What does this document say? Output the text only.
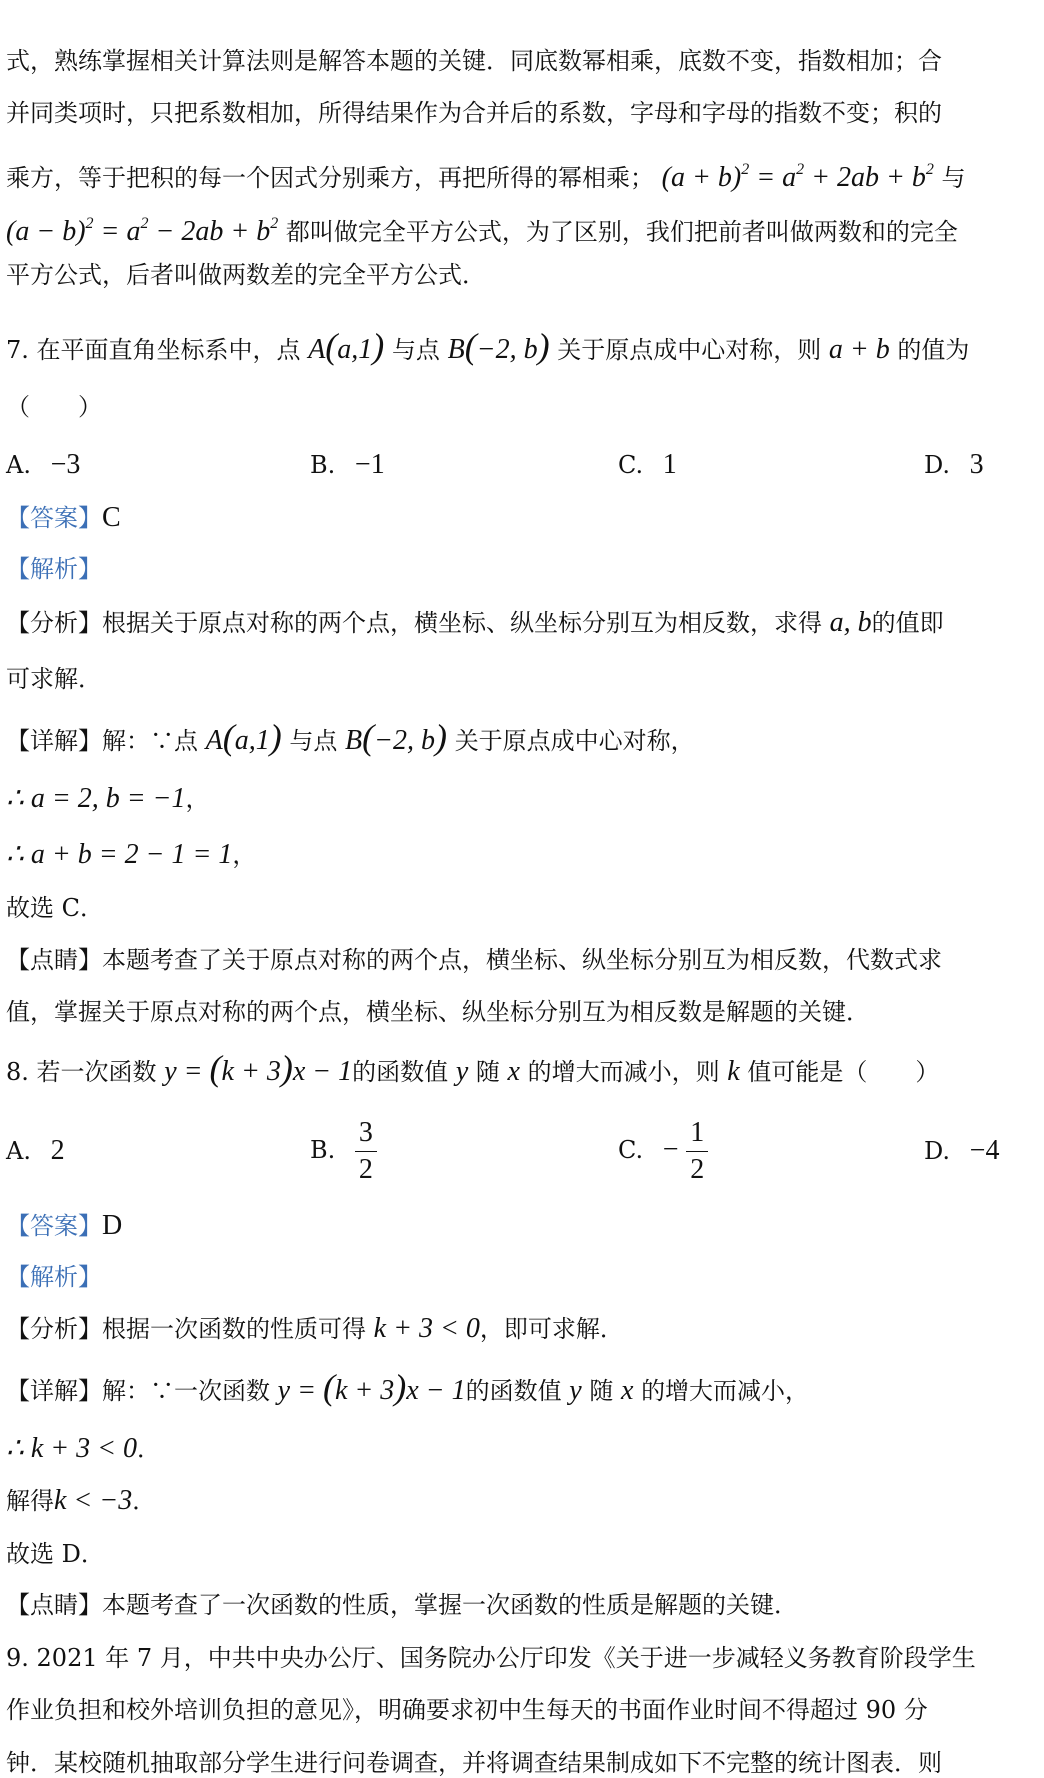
式，熟练掌握相关计算法则是解答本题的关键．同底数幂相乘，底数不变，指数相加；合
并同类项时，只把系数相加，所得结果作为合并后的系数，字母和字母的指数不变；积的
乘方，等于把积的每一个因式分别乘方，再把所得的幂相乘； $(a + b)^2 = a^2 + 2ab + b^2$ 与
$(a - b)^2 = a^2 - 2ab + b^2$ 都叫做完全平方公式，为了区别，我们把前者叫做两数和的完全
平方公式，后者叫做两数差的完全平方公式．
7. 在平面直角坐标系中，点 A(a,1) 与点 B(−2, b) 关于原点成中心对称，则 a + b 的值为
（　　）
A. −3	B. −1	C. 1	D. 3
【答案】C
【解析】
【分析】根据关于原点对称的两个点，横坐标、纵坐标分别互为相反数，求得 a, b的值即
可求解．
【详解】解：∵点 A(a,1) 与点 B(−2, b) 关于原点成中心对称，
∴ a = 2, b = −1，
∴ a + b = 2 − 1 = 1，
故选 C．
【点睛】本题考查了关于原点对称的两个点，横坐标、纵坐标分别互为相反数，代数式求
值，掌握关于原点对称的两个点，横坐标、纵坐标分别互为相反数是解题的关键．
8. 若一次函数 y = (k + 3)x − 1的函数值 y 随 x 的增大而减小，则 k 值可能是（　　）
A. 2	B. $\frac{3}{2}$	C. − $\frac{1}{2}$	D. −4
【答案】D
【解析】
【分析】根据一次函数的性质可得 k + 3 < 0，即可求解．
【详解】解：∵一次函数 y = (k + 3)x − 1的函数值 y 随 x 的增大而减小，
∴ k + 3 < 0．
解得k < −3．
故选 D．
【点睛】本题考查了一次函数的性质，掌握一次函数的性质是解题的关键．
9. 2021 年 7 月，中共中央办公厅、国务院办公厅印发《关于进一步减轻义务教育阶段学生
作业负担和校外培训负担的意见》，明确要求初中生每天的书面作业时间不得超过 90 分
钟．某校随机抽取部分学生进行问卷调查，并将调查结果制成如下不完整的统计图表．则
